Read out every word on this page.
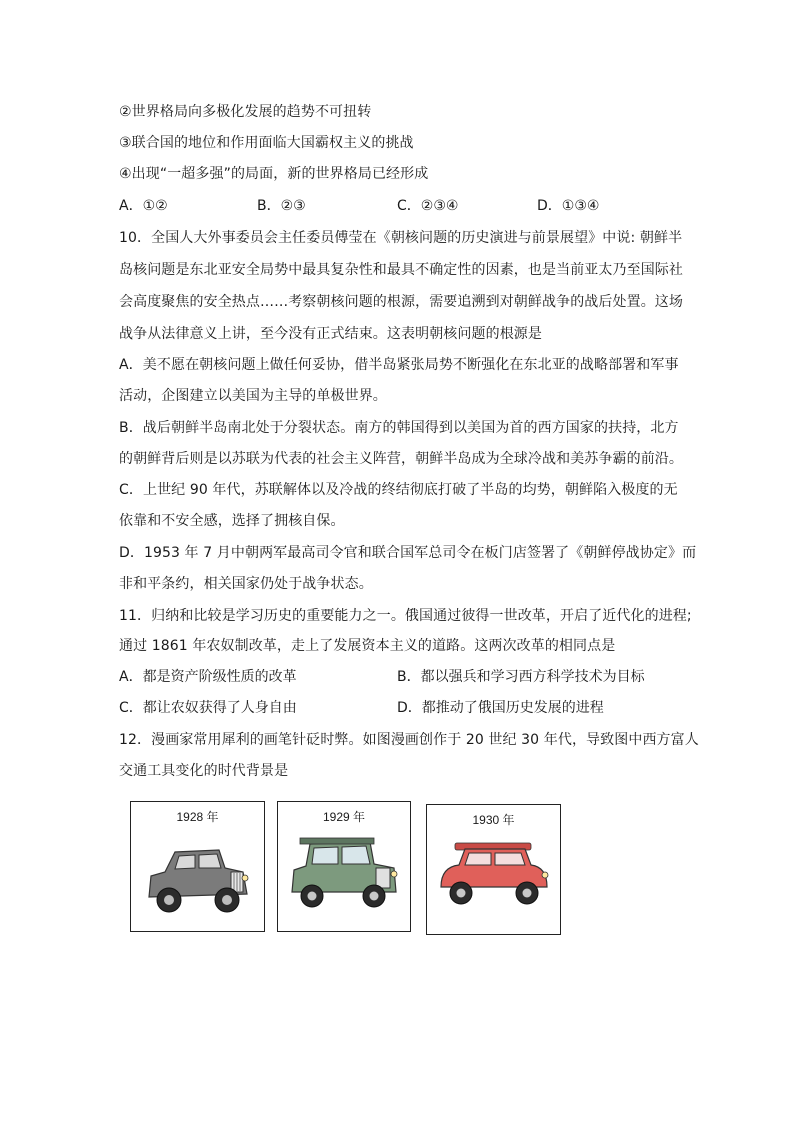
②世界格局向多极化发展的趋势不可扭转
③联合国的地位和作用面临大国霸权主义的挑战
④出现“一超多强”的局面，新的世界格局已经形成
A．①②	B．②③	C．②③④	D．①③④
10．全国人大外事委员会主任委员傅莹在《朝核问题的历史演进与前景展望》中说: 朝鲜半
岛核问题是东北亚安全局势中最具复杂性和最具不确定性的因素，也是当前亚太乃至国际社
会高度聚焦的安全热点……考察朝核问题的根源，需要追溯到对朝鲜战争的战后处置。这场
战争从法律意义上讲，至今没有正式结束。这表明朝核问题的根源是
A．美不愿在朝核问题上做任何妥协，借半岛紧张局势不断强化在东北亚的战略部署和军事
活动，企图建立以美国为主导的单极世界。
B．战后朝鲜半岛南北处于分裂状态。南方的韩国得到以美国为首的西方国家的扶持，北方
的朝鲜背后则是以苏联为代表的社会主义阵营，朝鲜半岛成为全球冷战和美苏争霸的前沿。
C．上世纪 90 年代，苏联解体以及冷战的终结彻底打破了半岛的均势，朝鲜陷入极度的无
依靠和不安全感，选择了拥核自保。
D．1953 年 7 月中朝两军最高司令官和联合国军总司令在板门店签署了《朝鲜停战协定》而
非和平条约，相关国家仍处于战争状态。
11．归纳和比较是学习历史的重要能力之一。俄国通过彼得一世改革，开启了近代化的进程;
通过 1861 年农奴制改革，走上了发展资本主义的道路。这两次改革的相同点是
A．都是资产阶级性质的改革	B．都以强兵和学习西方科学技术为目标
C．都让农奴获得了人身自由	D．都推动了俄国历史发展的进程
12．漫画家常用犀利的画笔针砭时弊。如图漫画创作于 20 世纪 30 年代，导致图中西方富人
交通工具变化的时代背景是
1928 年	1929 年	1930 年
